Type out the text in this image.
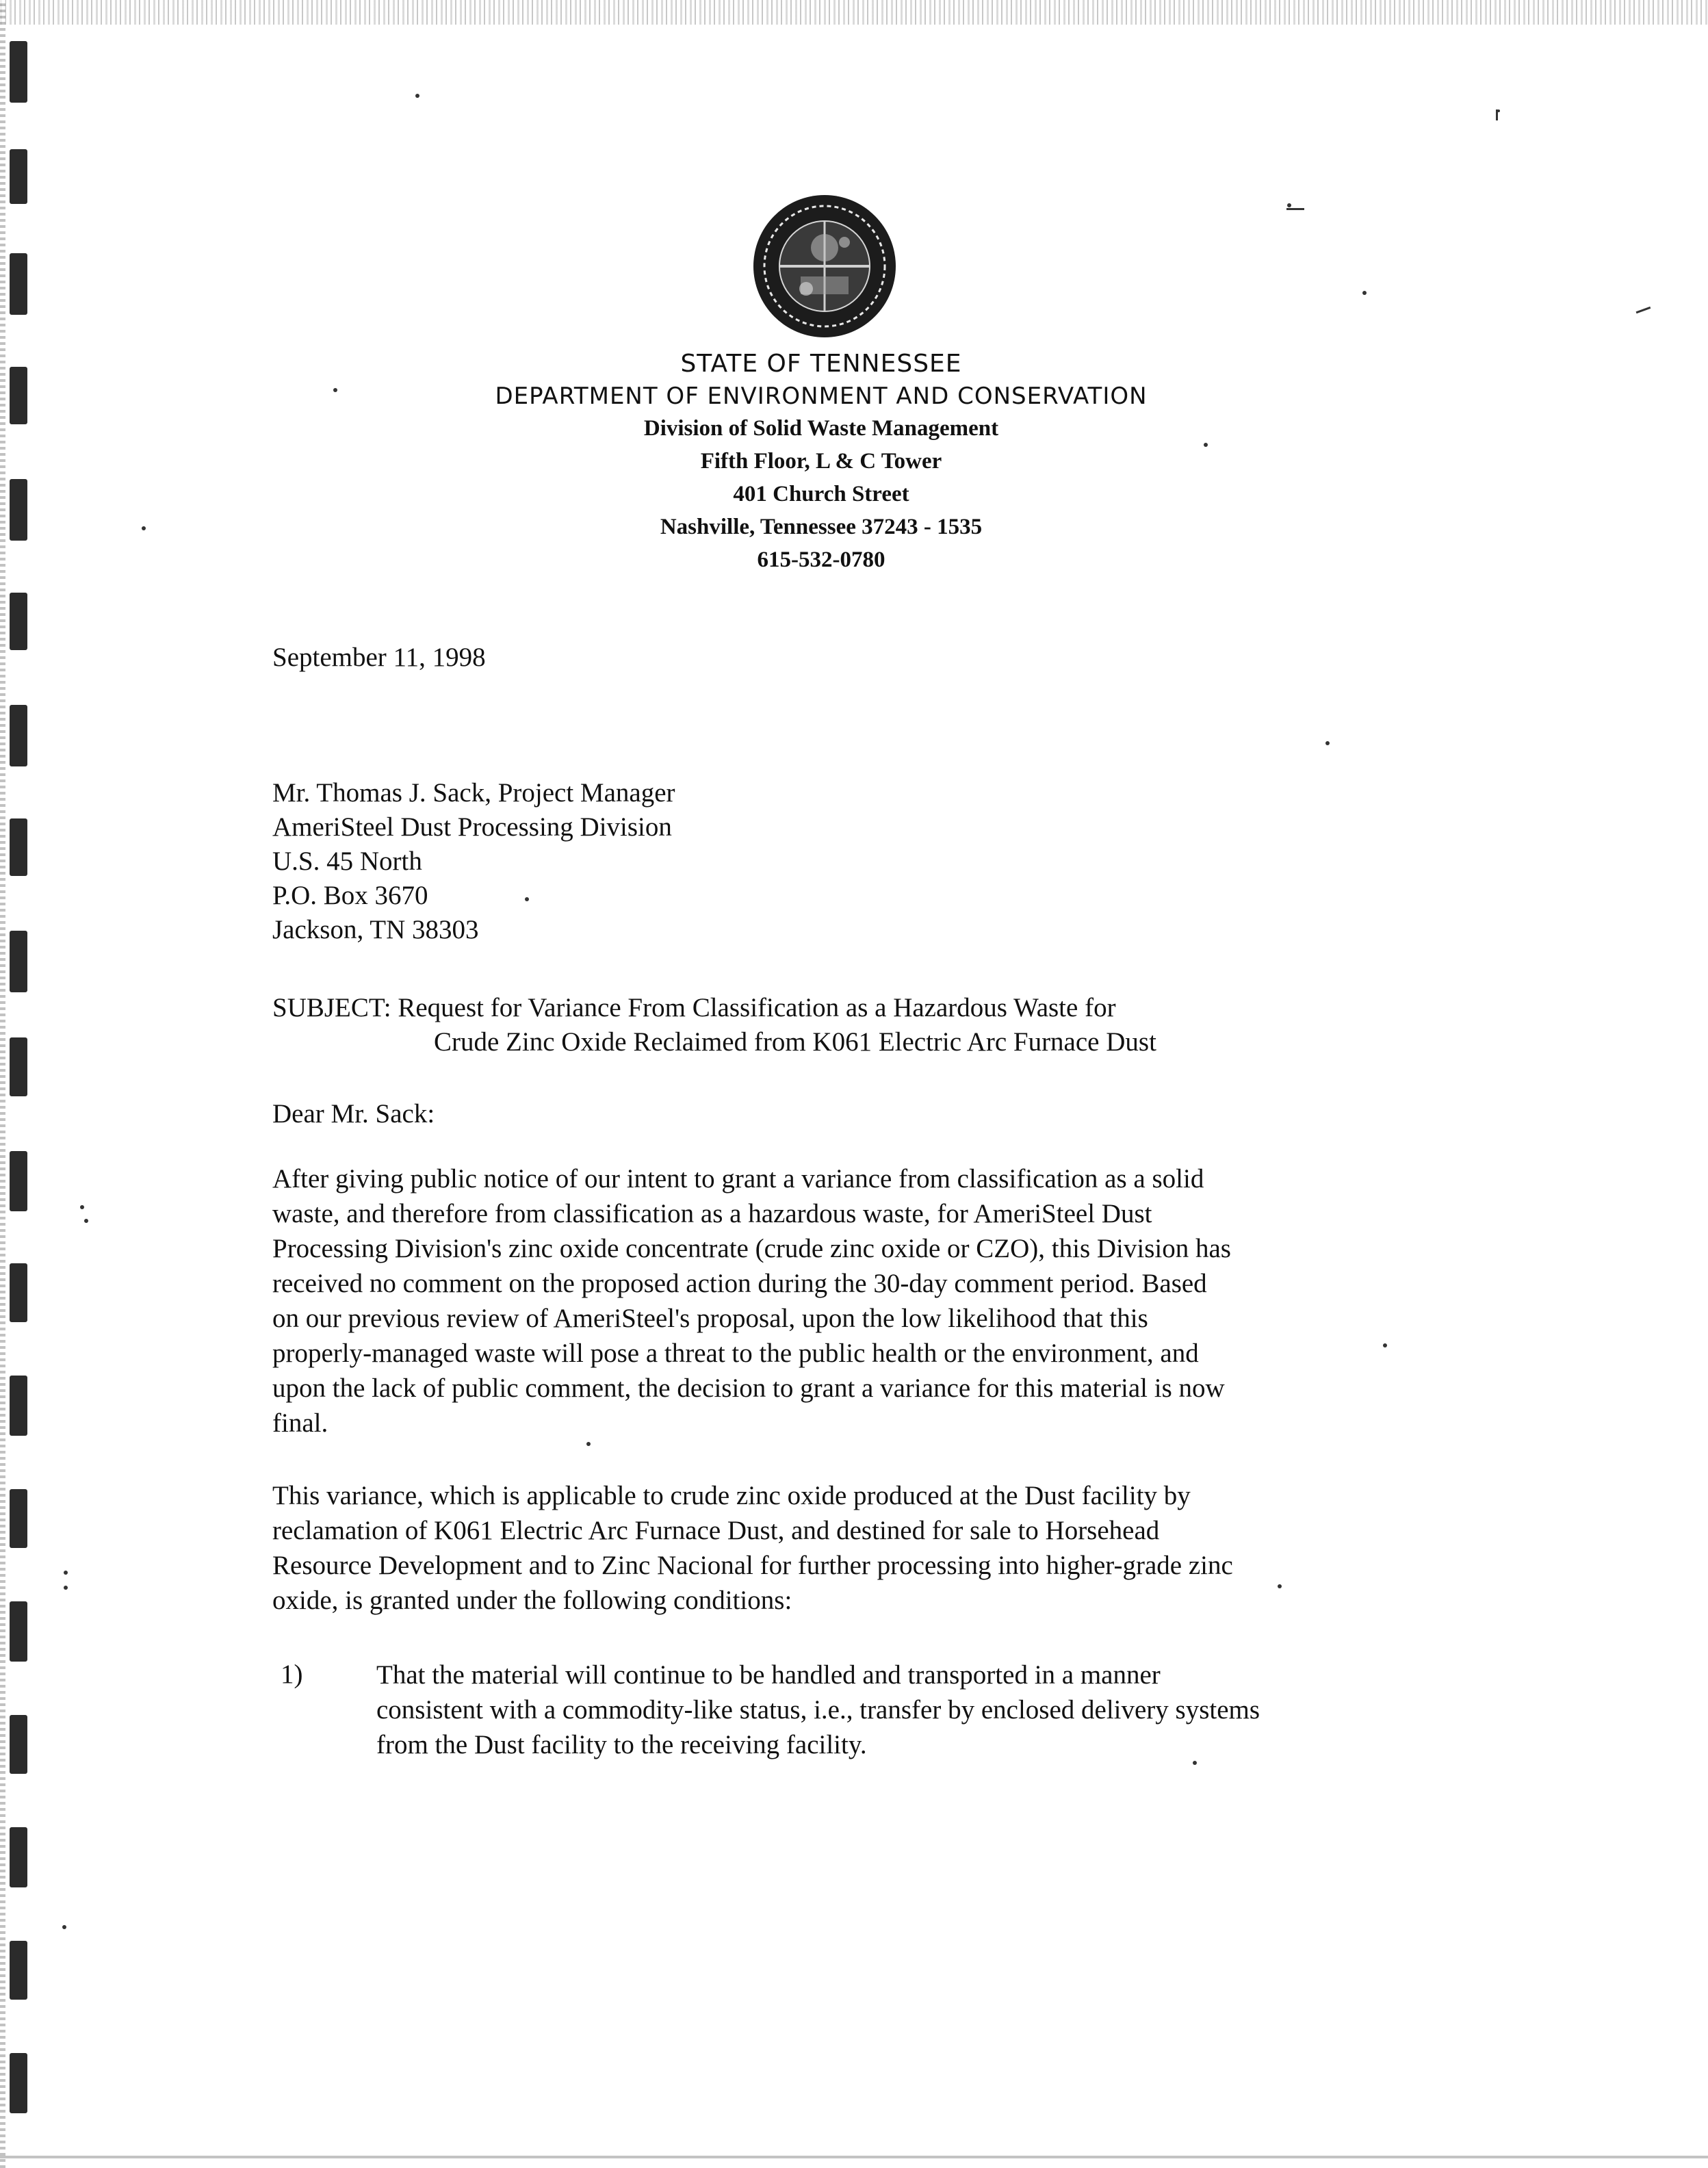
STATE OF TENNESSEE
DEPARTMENT OF ENVIRONMENT AND CONSERVATION
Division of Solid Waste Management
Fifth Floor, L & C Tower
401 Church Street
Nashville, Tennessee 37243 - 1535
615-532-0780
September 11, 1998
Mr. Thomas J. Sack, Project Manager
AmeriSteel Dust Processing Division
U.S. 45 North
P.O. Box 3670
Jackson, TN 38303
SUBJECT: Request for Variance From Classification as a Hazardous Waste for
Crude Zinc Oxide Reclaimed from K061 Electric Arc Furnace Dust
Dear Mr. Sack:
After giving public notice of our intent to grant a variance from classification as a solid
waste, and therefore from classification as a hazardous waste, for AmeriSteel Dust
Processing Division's zinc oxide concentrate (crude zinc oxide or CZO), this Division has
received no comment on the proposed action during the 30-day comment period. Based
on our previous review of AmeriSteel's proposal, upon the low likelihood that this
properly-managed waste will pose a threat to the public health or the environment, and
upon the lack of public comment, the decision to grant a variance for this material is now
final.
This variance, which is applicable to crude zinc oxide produced at the Dust facility by
reclamation of K061 Electric Arc Furnace Dust, and destined for sale to Horsehead
Resource Development and to Zinc Nacional for further processing into higher-grade zinc
oxide, is granted under the following conditions:
1)	That the material will continue to be handled and transported in a manner
consistent with a commodity-like status, i.e., transfer by enclosed delivery systems
from the Dust facility to the receiving facility.
